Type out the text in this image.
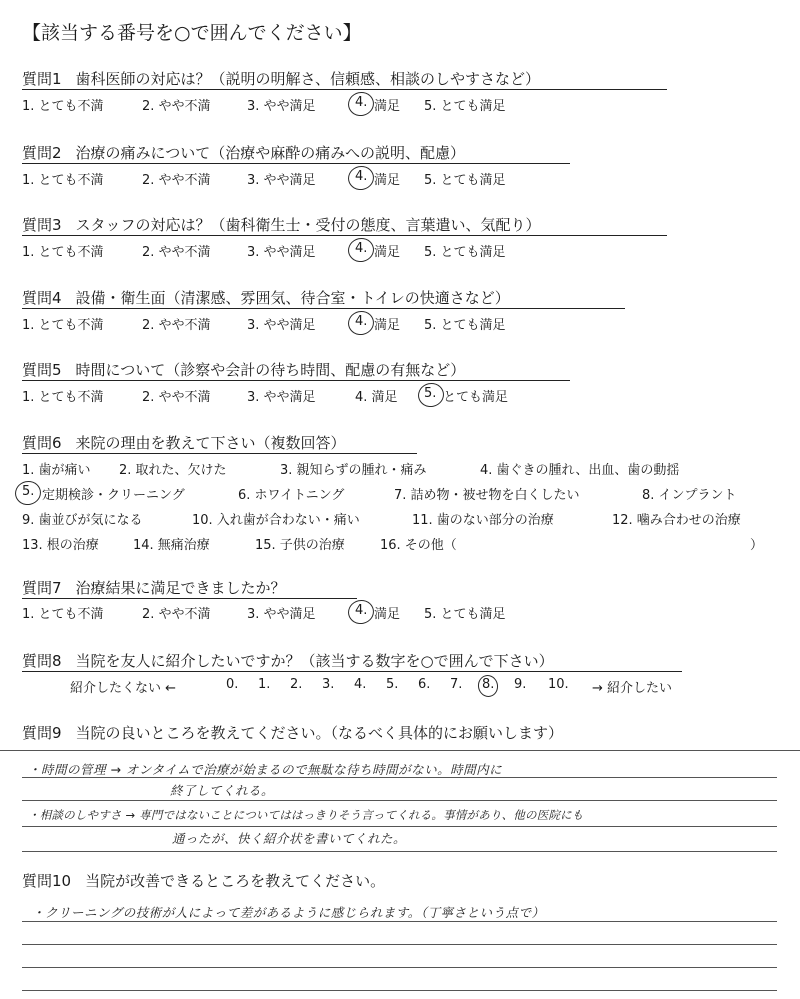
【該当する番号を○で囲んでください】
質問1 歯科医師の対応は？（説明の明解さ、信頼感、相談のしやすさなど）
1. とても不満	2. やや不満	3. やや満足	4. 満足 5. とても満足
質問2 治療の痛みについて（治療や麻酔の痛みへの説明、配慮）
1. とても不満	2. やや不満	3. やや満足	4. 満足 5. とても満足
質問3 スタッフの対応は？（歯科衛生士・受付の態度、言葉遣い、気配り）
1. とても不満	2. やや不満	3. やや満足	4. 満足 5. とても満足
質問4 設備・衛生面（清潔感、雰囲気、待合室・トイレの快適さなど）
1. とても不満	2. やや不満	3. やや満足	4. 満足 5. とても満足
質問5 時間について（診察や会計の待ち時間、配慮の有無など）
1. とても不満	2. やや不満	3. やや満足	4. 満足 5. とても満足
質問6 来院の理由を教えて下さい（複数回答）
1. 歯が痛い 2. 取れた、欠けた	3. 親知らずの腫れ・痛み	4. 歯ぐきの腫れ、出血、歯の動揺
5. 定期検診・クリーニング	6. ホワイトニング	7. 詰め物・被せ物を白くしたい	8. インプラント
9. 歯並びが気になる	10. 入れ歯が合わない・痛い	11. 歯のない部分の治療	12. 噛み合わせの治療
13. 根の治療	14. 無痛治療	15. 子供の治療	16. その他（	）
質問7 治療結果に満足できましたか？
1. とても不満	2. やや不満	3. やや満足	4. 満足 5. とても満足
質問8 当院を友人に紹介したいですか？（該当する数字を○で囲んで下さい）
紹介したくない ←	0. 1. 2. 3. 4. 5. 6. 7. 8. 9. 10. → 紹介したい
質問9 当院の良いところを教えてください。（なるべく具体的にお願いします）
・時間の管理 → オンタイムで治療が始まるので無駄な待ち時間がない。時間内に
終了してくれる。
・相談のしやすさ → 専門ではないことについてははっきりそう言ってくれる。事情があり、他の医院にも
通ったが、快く紹介状を書いてくれた。
質問10 当院が改善できるところを教えてください。
・クリーニングの技術が人によって差があるように感じられます。（丁寧さという点で）
